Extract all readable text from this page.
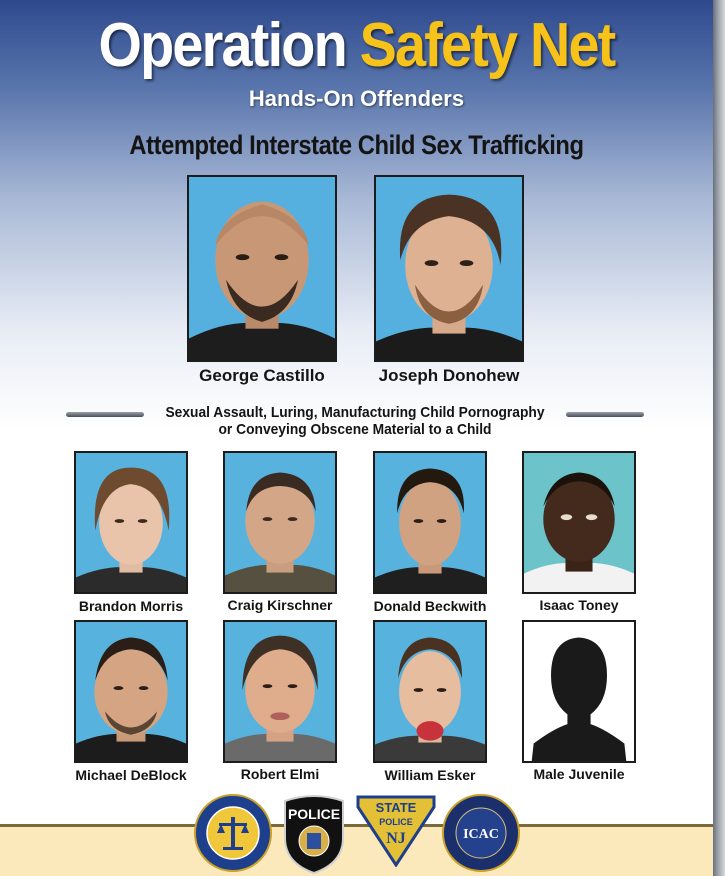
Operation Safety Net
Hands-On Offenders
Attempted Interstate Child Sex Trafficking
George Castillo	Joseph Donohew
Sexual Assault, Luring, Manufacturing Child Pornography
or Conveying Obscene Material to a Child
Brandon Morris	Craig Kirschner	Donald Beckwith	Isaac Toney
Michael DeBlock	Robert Elmi	William Esker	Male Juvenile
POLICE	STATE
POLICE
NJ	ICAC
